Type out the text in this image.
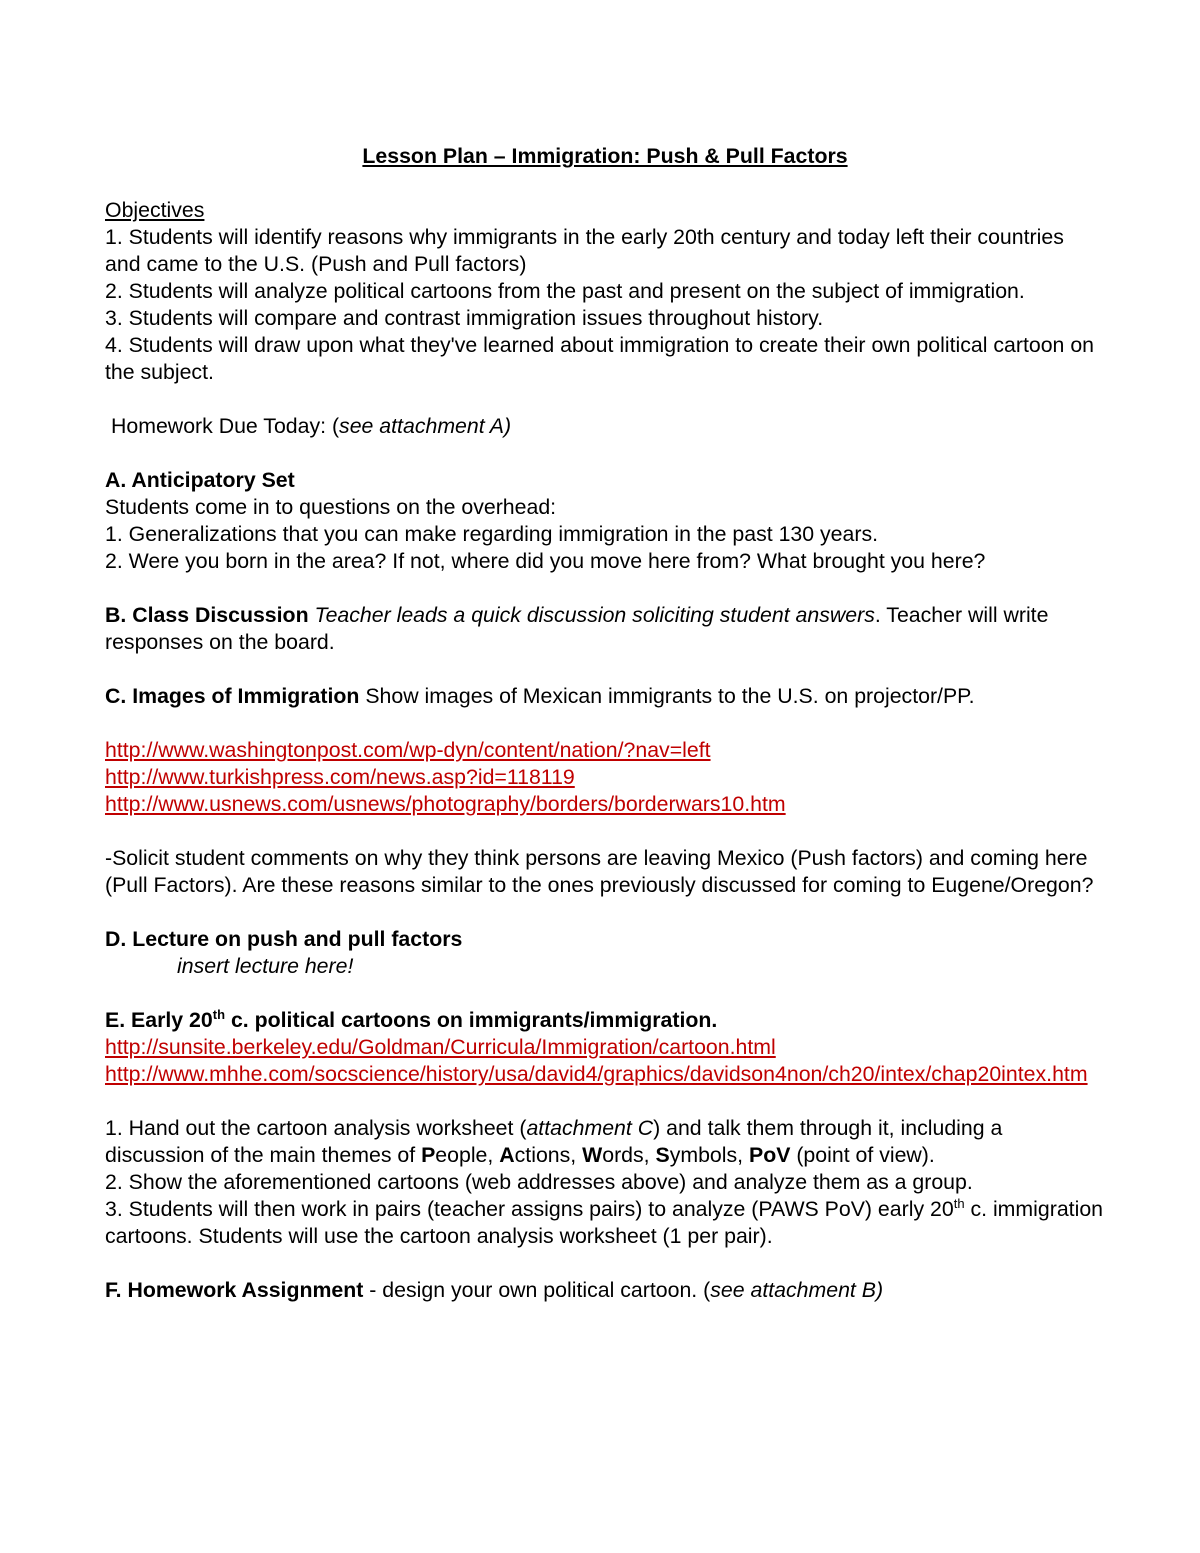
Lesson Plan – Immigration: Push & Pull Factors

Objectives

1. Students will identify reasons why immigrants in the early 20th century and today left their countries and came to the U.S. (Push and Pull factors)

2. Students will analyze political cartoons from the past and present on the subject of immigration.

3. Students will compare and contrast immigration issues throughout history.

4. Students will draw upon what they've learned about immigration to create their own political cartoon on the subject.

Homework Due Today: (see attachment A)

A. Anticipatory Set

Students come in to questions on the overhead:

1. Generalizations that you can make regarding immigration in the past 130 years.

2. Were you born in the area? If not, where did you move here from? What brought you here?

B. Class Discussion Teacher leads a quick discussion soliciting student answers. Teacher will write responses on the board.

C. Images of Immigration Show images of Mexican immigrants to the U.S. on projector/PP.

http://www.washingtonpost.com/wp-dyn/content/nation/?nav=left

http://www.turkishpress.com/news.asp?id=118119

http://www.usnews.com/usnews/photography/borders/borderwars10.htm

-Solicit student comments on why they think persons are leaving Mexico (Push factors) and coming here (Pull Factors). Are these reasons similar to the ones previously discussed for coming to Eugene/Oregon?

D. Lecture on push and pull factors

insert lecture here!

E. Early 20th c. political cartoons on immigrants/immigration.

http://sunsite.berkeley.edu/Goldman/Curricula/Immigration/cartoon.html

http://www.mhhe.com/socscience/history/usa/david4/graphics/davidson4non/ch20/intex/chap20intex.htm

1. Hand out the cartoon analysis worksheet (attachment C) and talk them through it, including a discussion of the main themes of People, Actions, Words, Symbols, PoV (point of view).

2. Show the aforementioned cartoons (web addresses above) and analyze them as a group.

3. Students will then work in pairs (teacher assigns pairs) to analyze (PAWS PoV) early 20th c. immigration cartoons. Students will use the cartoon analysis worksheet (1 per pair).

F. Homework Assignment - design your own political cartoon. (see attachment B)
